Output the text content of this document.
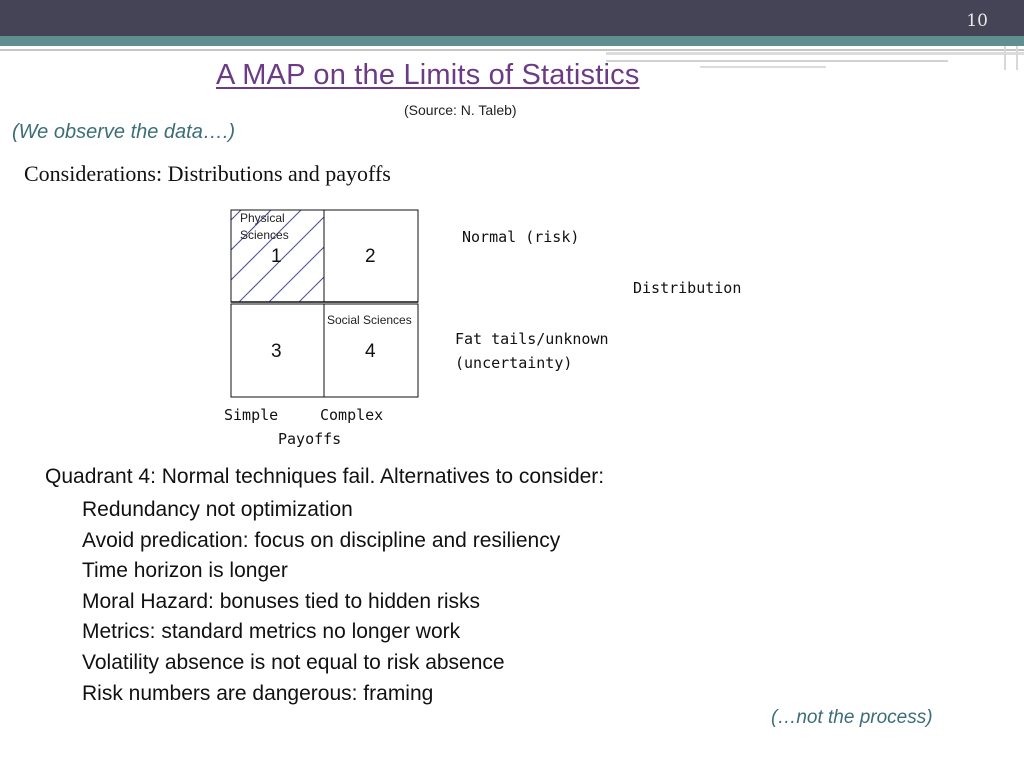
10
A MAP on the Limits of Statistics
(Source: N. Taleb)
(We observe the data….)
Considerations: Distributions and payoffs
Physical
Sciences
1	2
Social Sciences
3	4
Normal (risk)
Distribution
Fat tails/unknown
(uncertainty)
Simple	Complex
Payoffs
Quadrant 4: Normal techniques fail. Alternatives to consider:
Redundancy not optimization
Avoid predication: focus on discipline and resiliency
Time horizon is longer
Moral Hazard: bonuses tied to hidden risks
Metrics: standard metrics no longer work
Volatility absence is not equal to risk absence
Risk numbers are dangerous: framing
(…not the process)
